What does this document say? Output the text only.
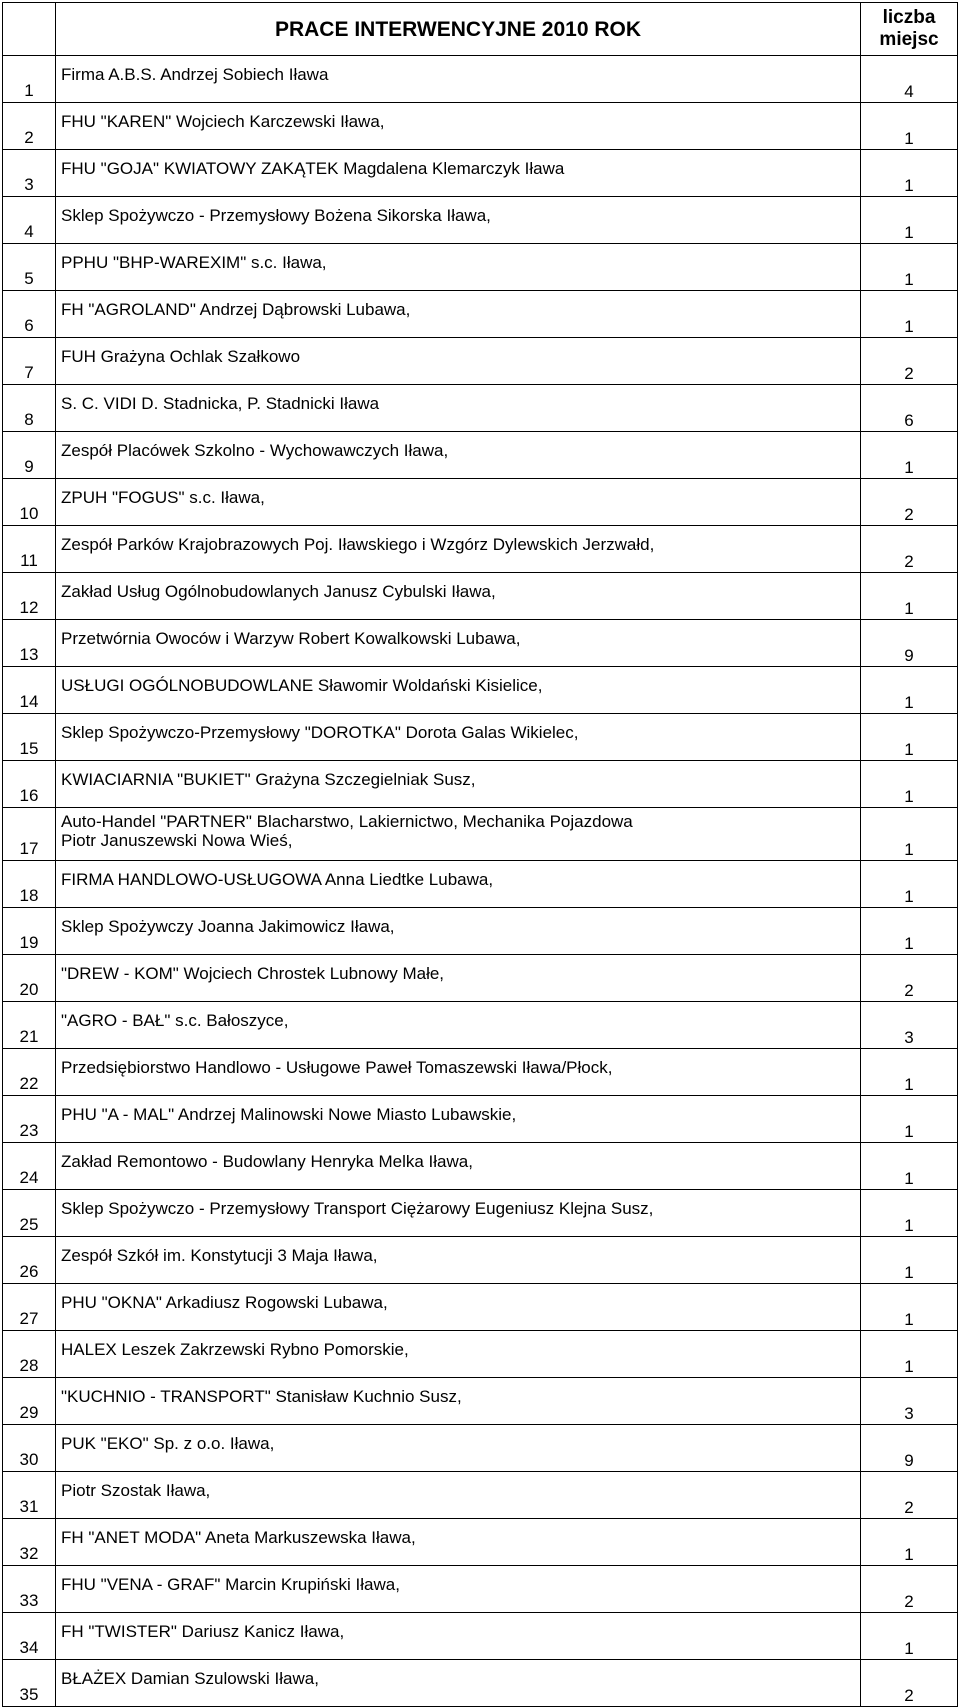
	PRACE INTERWENCYJNE 2010 ROK	liczba
miejsc

1	Firma A.B.S. Andrzej Sobiech Iława	4
2	FHU "KAREN" Wojciech Karczewski Iława,	1
3	FHU "GOJA" KWIATOWY ZAKĄTEK Magdalena Klemarczyk Iława	1
4	Sklep Spożywczo - Przemysłowy Bożena Sikorska Iława,	1
5	PPHU "BHP-WAREXIM" s.c. Iława,	1
6	FH "AGROLAND" Andrzej Dąbrowski Lubawa,	1
7	FUH Grażyna Ochlak Szałkowo	2
8	S. C. VIDI D. Stadnicka, P. Stadnicki Iława	6
9	Zespół Placówek Szkolno - Wychowawczych Iława,	1
10	ZPUH "FOGUS" s.c. Iława,	2
11	Zespół Parków Krajobrazowych Poj. Iławskiego i Wzgórz Dylewskich Jerzwałd,	2
12	Zakład Usług Ogólnobudowlanych Janusz Cybulski Iława,	1
13	Przetwórnia Owoców i Warzyw Robert Kowalkowski Lubawa,	9
14	USŁUGI OGÓLNOBUDOWLANE Sławomir Woldański Kisielice,	1
15	Sklep Spożywczo-Przemysłowy "DOROTKA" Dorota Galas Wikielec,	1
16	KWIACIARNIA "BUKIET" Grażyna Szczegielniak Susz,	1
17	Auto-Handel "PARTNER" Blacharstwo, Lakiernictwo, Mechanika Pojazdowa
Piotr Januszewski Nowa Wieś,	1
18	FIRMA HANDLOWO-USŁUGOWA Anna Liedtke Lubawa,	1
19	Sklep Spożywczy Joanna Jakimowicz Iława,	1
20	"DREW - KOM" Wojciech Chrostek Lubnowy Małe,	2
21	"AGRO - BAŁ" s.c. Bałoszyce,	3
22	Przedsiębiorstwo Handlowo - Usługowe Paweł Tomaszewski Iława/Płock,	1
23	PHU "A - MAL" Andrzej Malinowski Nowe Miasto Lubawskie,	1
24	Zakład Remontowo - Budowlany Henryka Melka Iława,	1
25	Sklep Spożywczo - Przemysłowy Transport Ciężarowy Eugeniusz Klejna Susz,	1
26	Zespół Szkół im. Konstytucji 3 Maja Iława,	1
27	PHU "OKNA" Arkadiusz Rogowski Lubawa,	1
28	HALEX Leszek Zakrzewski Rybno Pomorskie,	1
29	"KUCHNIO - TRANSPORT" Stanisław Kuchnio Susz,	3
30	PUK "EKO" Sp. z o.o. Iława,	9
31	Piotr Szostak Iława,	2
32	FH "ANET MODA" Aneta Markuszewska Iława,	1
33	FHU "VENA - GRAF" Marcin Krupiński Iława,	2
34	FH "TWISTER" Dariusz Kanicz Iława,	1
35	BŁAŻEX Damian Szulowski Iława,	2
